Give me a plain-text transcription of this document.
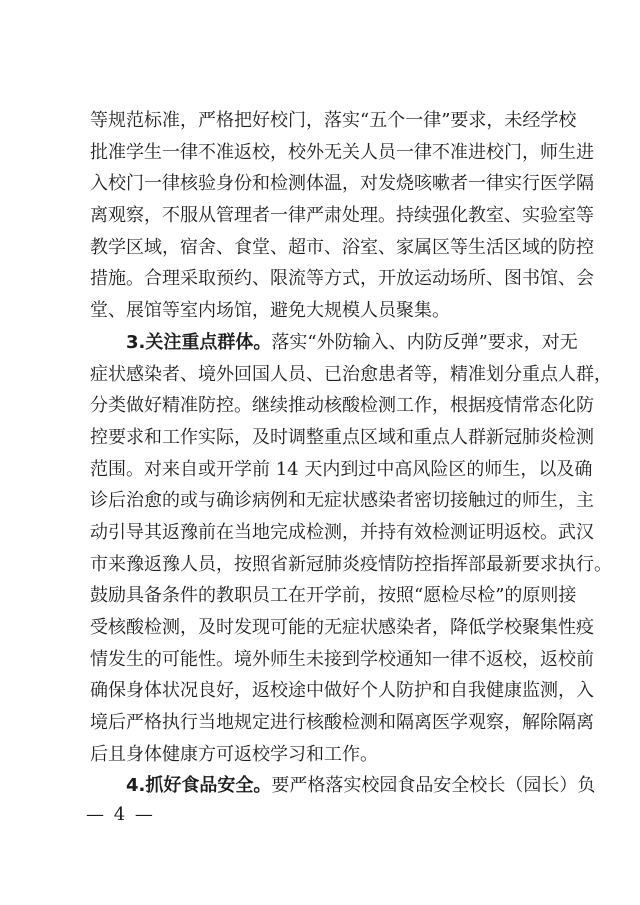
等规范标准，严格把好校门，落实“五个一律”要求，未经学校
批准学生一律不准返校，校外无关人员一律不准进校门，师生进
入校门一律核验身份和检测体温，对发烧咳嗽者一律实行医学隔
离观察，不服从管理者一律严肃处理。持续强化教室、实验室等
教学区域，宿舍、食堂、超市、浴室、家属区等生活区域的防控
措施。合理采取预约、限流等方式，开放运动场所、图书馆、会
堂、展馆等室内场馆，避免大规模人员聚集。
3.关注重点群体。落实“外防输入、内防反弹”要求，对无
症状感染者、境外回国人员、已治愈患者等，精准划分重点人群，
分类做好精准防控。继续推动核酸检测工作，根据疫情常态化防
控要求和工作实际，及时调整重点区域和重点人群新冠肺炎检测
范围。对来自或开学前 14 天内到过中高风险区的师生，以及确
诊后治愈的或与确诊病例和无症状感染者密切接触过的师生，主
动引导其返豫前在当地完成检测，并持有效检测证明返校。武汉
市来豫返豫人员，按照省新冠肺炎疫情防控指挥部最新要求执行。
鼓励具备条件的教职员工在开学前，按照“愿检尽检”的原则接
受核酸检测，及时发现可能的无症状感染者，降低学校聚集性疫
情发生的可能性。境外师生未接到学校通知一律不返校，返校前
确保身体状况良好，返校途中做好个人防护和自我健康监测，入
境后严格执行当地规定进行核酸检测和隔离医学观察，解除隔离
后且身体健康方可返校学习和工作。
4.抓好食品安全。要严格落实校园食品安全校长（园长）负
— 4 —
